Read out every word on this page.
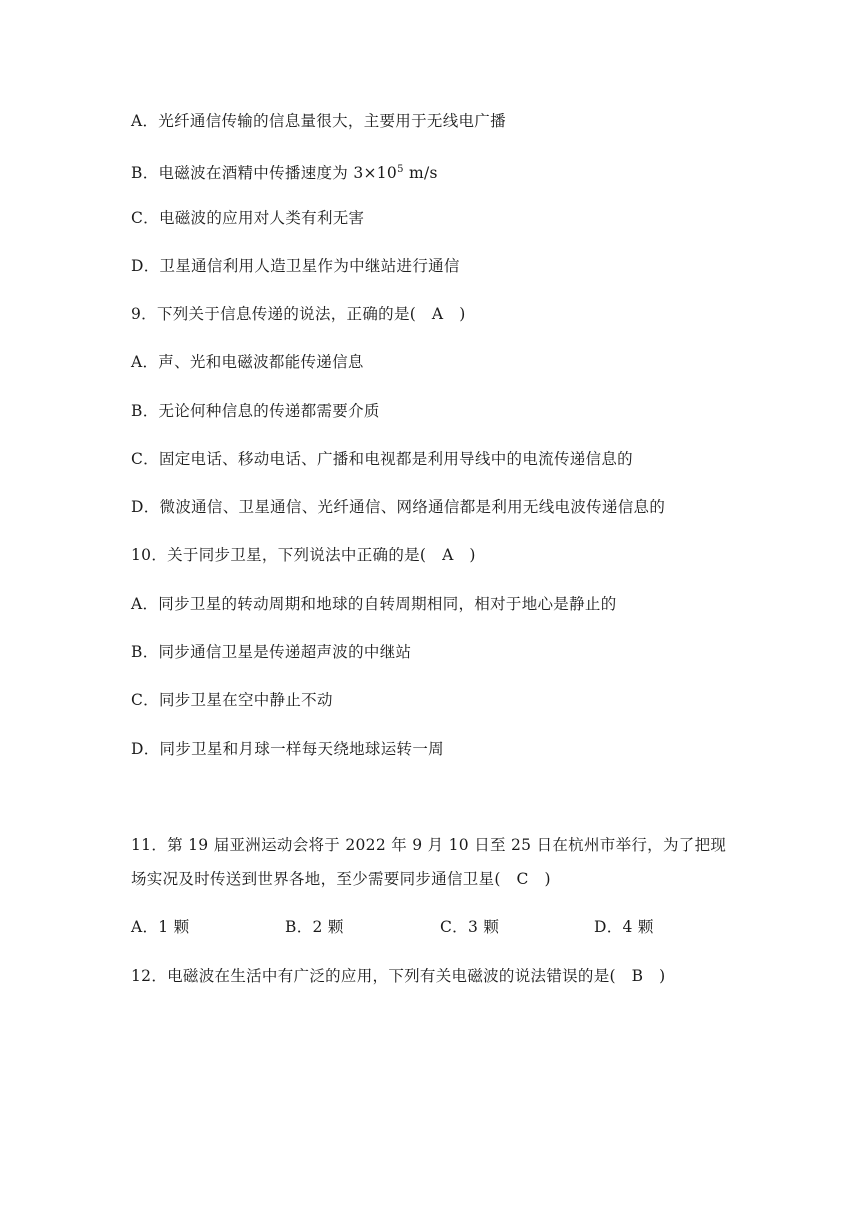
A．光纤通信传输的信息量很大，主要用于无线电广播
B．电磁波在酒精中传播速度为 $3\times 10^5$ m/s
C．电磁波的应用对人类有利无害
D．卫星通信利用人造卫星作为中继站进行通信
9．下列关于信息传递的说法，正确的是(　A　)
A．声、光和电磁波都能传递信息
B．无论何种信息的传递都需要介质
C．固定电话、移动电话、广播和电视都是利用导线中的电流传递信息的
D．微波通信、卫星通信、光纤通信、网络通信都是利用无线电波传递信息的
10．关于同步卫星，下列说法中正确的是(　A　)
A．同步卫星的转动周期和地球的自转周期相同，相对于地心是静止的
B．同步通信卫星是传递超声波的中继站
C．同步卫星在空中静止不动
D．同步卫星和月球一样每天绕地球运转一周
11．第 19 届亚洲运动会将于 2022 年 9 月 10 日至 25 日在杭州市举行，为了把现
场实况及时传送到世界各地，至少需要同步通信卫星(　C　)
A．1 颗	B．2 颗	C．3 颗	D．4 颗
12．电磁波在生活中有广泛的应用，下列有关电磁波的说法错误的是(　B　)
